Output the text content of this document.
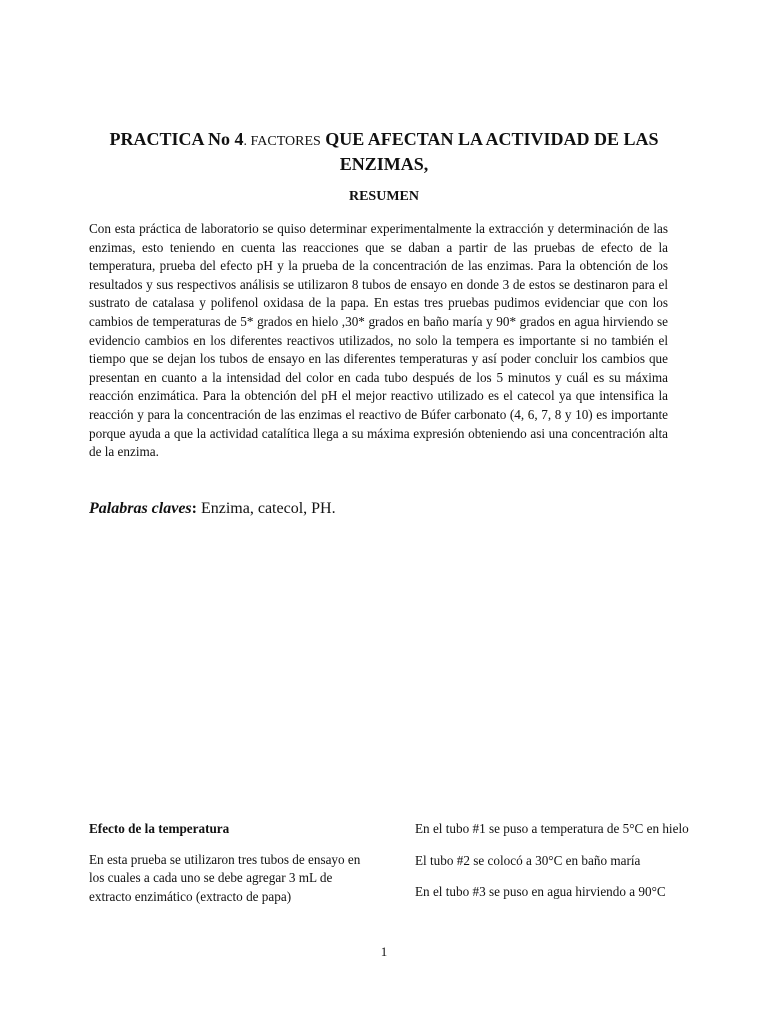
PRACTICA No 4. FACTORES QUE AFECTAN LA ACTIVIDAD DE LAS ENZIMAS,
RESUMEN

Con esta práctica de laboratorio se quiso determinar experimentalmente la extracción y determinación de las enzimas, esto teniendo en cuenta las reacciones que se daban a partir de las pruebas de efecto de la temperatura, prueba del efecto pH y la prueba de la concentración de las enzimas. Para la obtención de los resultados y sus respectivos análisis se utilizaron 8 tubos de ensayo en donde 3 de estos se destinaron para el sustrato de catalasa y polifenol oxidasa de la papa. En estas tres pruebas pudimos evidenciar que con los cambios de temperaturas de 5* grados en hielo ,30* grados en baño maría y 90* grados en agua hirviendo se evidencio cambios en los diferentes reactivos utilizados, no solo la tempera es importante si no también el tiempo que se dejan los tubos de ensayo en las diferentes temperaturas y así poder concluir los cambios que presentan en cuanto a la intensidad del color en cada tubo después de los 5 minutos y cuál es su máxima reacción enzimática. Para la obtención del pH el mejor reactivo utilizado es el catecol ya que intensifica la reacción y para la concentración de las enzimas el reactivo de Búfer carbonato (4, 6, 7, 8 y 10) es importante porque ayuda a que la actividad catalítica llega a su máxima expresión obteniendo asi una concentración alta de la enzima.

Palabras claves: Enzima, catecol, PH.
Efecto de la temperatura
En esta prueba se utilizaron tres tubos de ensayo en los cuales a cada uno se debe agregar 3 mL de extracto enzimático (extracto de papa)

En el tubo #1 se puso a temperatura de 5°C en hielo

El tubo #2 se colocó a 30°C en baño maría

En el tubo #3 se puso en agua hirviendo a 90°C

1
